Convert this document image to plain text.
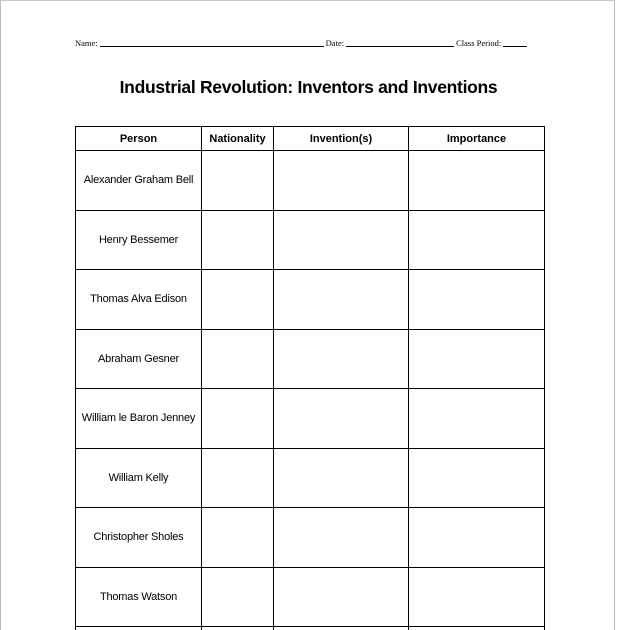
Name:	Date:	Class Period:
Industrial Revolution: Inventors and Inventions
Person	Nationality	Invention(s)	Importance
Alexander Graham Bell			
Henry Bessemer			
Thomas Alva Edison			
Abraham Gesner			
William le Baron Jenney			
William Kelly			
Christopher Sholes			
Thomas Watson			
